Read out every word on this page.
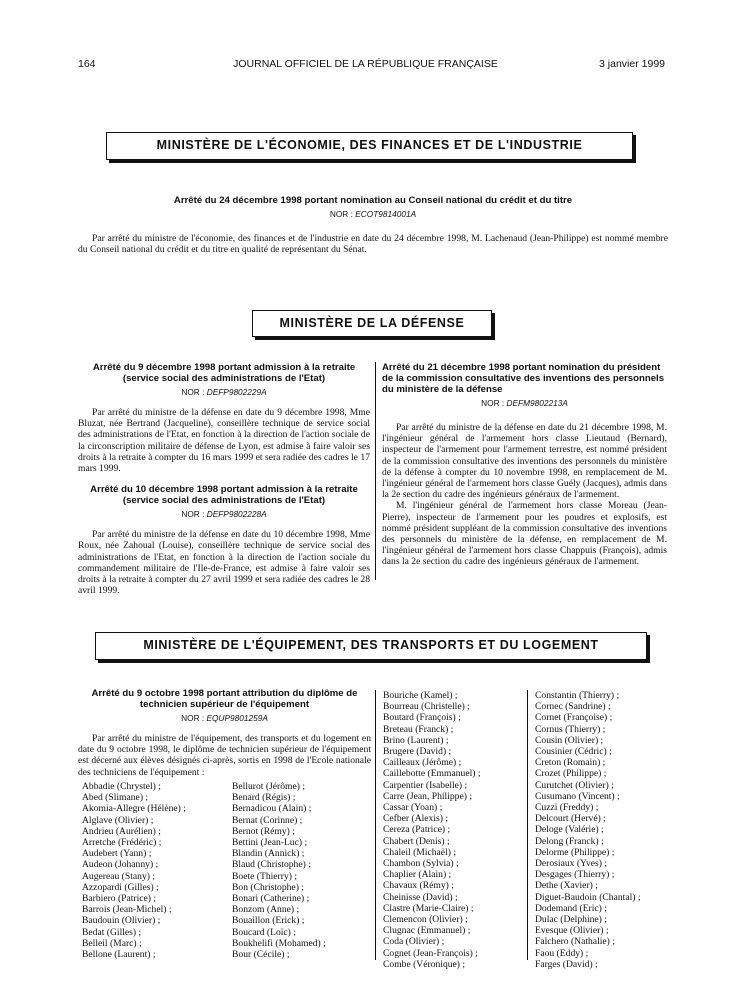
164	JOURNAL OFFICIEL DE LA RÉPUBLIQUE FRANÇAISE	3 janvier 1999
MINISTÈRE DE L'ÉCONOMIE, DES FINANCES ET DE L'INDUSTRIE
Arrêté du 24 décembre 1998 portant nomination au Conseil national du crédit et du titre
NOR : ECOT9814001A

Par arrêté du ministre de l'économie, des finances et de l'industrie en date du 24 décembre 1998, M. Lachenaud (Jean-Philippe) est nommé membre du Conseil national du crédit et du titre en qualité de représentant du Sénat.

MINISTÈRE DE LA DÉFENSE
Arrêté du 9 décembre 1998 portant admission à la retraite (service social des administrations de l'Etat)
NOR : DEFP9802229A

Par arrêté du ministre de la défense en date du 9 décembre 1998, Mme Bluzat, née Bertrand (Jacqueline), conseillère technique de service social des administrations de l'Etat, en fonction à la direction de l'action sociale de la circonscription militaire de défense de Lyon, est admise à faire valoir ses droits à la retraite à compter du 16 mars 1999 et sera radiée des cadres le 17 mars 1999.

Arrêté du 10 décembre 1998 portant admission à la retraite (service social des administrations de l'Etat)
NOR : DEFP9802228A

Par arrêté du ministre de la défense en date du 10 décembre 1998, Mme Roux, née Zahoual (Louise), conseillère technique de service social des administrations de l'Etat, en fonction à la direction de l'action sociale du commandement militaire de l'Ile-de-France, est admise à faire valoir ses droits à la retraite à compter du 27 avril 1999 et sera radiée des cadres le 28 avril 1999.

Arrêté du 21 décembre 1998 portant nomination du président de la commission consultative des inventions des personnels du ministère de la défense
NOR : DEFM9802213A

Par arrêté du ministre de la défense en date du 21 décembre 1998, M. l'ingénieur général de l'armement hors classe Lieutaud (Bernard), inspecteur de l'armement pour l'armement terrestre, est nommé président de la commission consultative des inventions des personnels du ministère de la défense à compter du 10 novembre 1998, en remplacement de M. l'ingénieur général de l'armement hors classe Guély (Jacques), admis dans la 2e section du cadre des ingénieurs généraux de l'armement.

M. l'ingénieur général de l'armement hors classe Moreau (Jean-Pierre), inspecteur de l'armement pour les poudres et explosifs, est nommé président suppléant de la commission consultative des inventions des personnels du ministère de la défense, en remplacement de M. l'ingénieur général de l'armement hors classe Chappuis (François), admis dans la 2e section du cadre des ingénieurs généraux de l'armement.

MINISTÈRE DE L'ÉQUIPEMENT, DES TRANSPORTS ET DU LOGEMENT
Arrêté du 9 octobre 1998 portant attribution du diplôme de technicien supérieur de l'équipement
NOR : EQUP9801259A

Par arrêté du ministre de l'équipement, des transports et du logement en date du 9 octobre 1998, le diplôme de technicien supérieur de l'équipement est décerné aux élèves désignés ci-après, sortis en 1998 de l'Ecole nationale des techniciens de l'équipement :

Abbadie (Chrystel) ;
Abed (Slimane) ;
Akomia-Allegre (Hélène) ;
Alglave (Olivier) ;
Andrieu (Aurélien) ;
Arretche (Frédéric) ;
Audebert (Yann) ;
Audeon (Johanny) ;
Augereau (Stany) ;
Azzopardi (Gilles) ;
Barbiero (Patrice) ;
Barrois (Jean-Michel) ;
Baudouin (Olivier) ;
Bedat (Gilles) ;
Belleil (Marc) ;
Bellone (Laurent) ;
Bellurot (Jérôme) ;
Benard (Régis) ;
Bernadicou (Alain) ;
Bernat (Corinne) ;
Bernot (Rémy) ;
Bettini (Jean-Luc) ;
Blandin (Annick) ;
Blaud (Christophe) ;
Boete (Thierry) ;
Bon (Christophe) ;
Bonari (Catherine) ;
Bonzom (Anne) ;
Bouaillon (Erick) ;
Boucard (Loïc) ;
Boukhelifi (Mohamed) ;
Bour (Cécile) ;
Bouriche (Kamel) ;
Bourreau (Christelle) ;
Boutard (François) ;
Breteau (Franck) ;
Brino (Laurent) ;
Brugere (David) ;
Cailleaux (Jérôme) ;
Caillebotte (Emmanuel) ;
Carpentier (Isabelle) ;
Carre (Jean, Philippe) ;
Cassar (Yoan) ;
Cefber (Alexis) ;
Cereza (Patrice) ;
Chabert (Denis) ;
Chaleil (Michaël) ;
Chambon (Sylvia) ;
Chaplier (Alain) ;
Chavaux (Rémy) ;
Cheinisse (David) ;
Clastre (Marie-Claire) ;
Clemencon (Olivier) ;
Clugnac (Emmanuel) ;
Coda (Olivier) ;
Cognet (Jean-François) ;
Combe (Véronique) ;
Constantin (Thierry) ;
Cornec (Sandrine) ;
Cornet (Françoise) ;
Cornus (Thierry) ;
Cousin (Olivier) ;
Cousinier (Cédric) ;
Creton (Romain) ;
Crozet (Philippe) ;
Curutchet (Olivier) ;
Cusumano (Vincent) ;
Cuzzi (Freddy) ;
Delcourt (Hervé) ;
Deloge (Valérie) ;
Delong (Franck) ;
Delorme (Philippe) ;
Derosiaux (Yves) ;
Desgages (Thierry) ;
Dethe (Xavier) ;
Diguet-Baudoin (Chantal) ;
Dodemand (Eric) ;
Dulac (Delphine) ;
Evesque (Olivier) ;
Falchero (Nathalie) ;
Faou (Eddy) ;
Farges (David) ;
